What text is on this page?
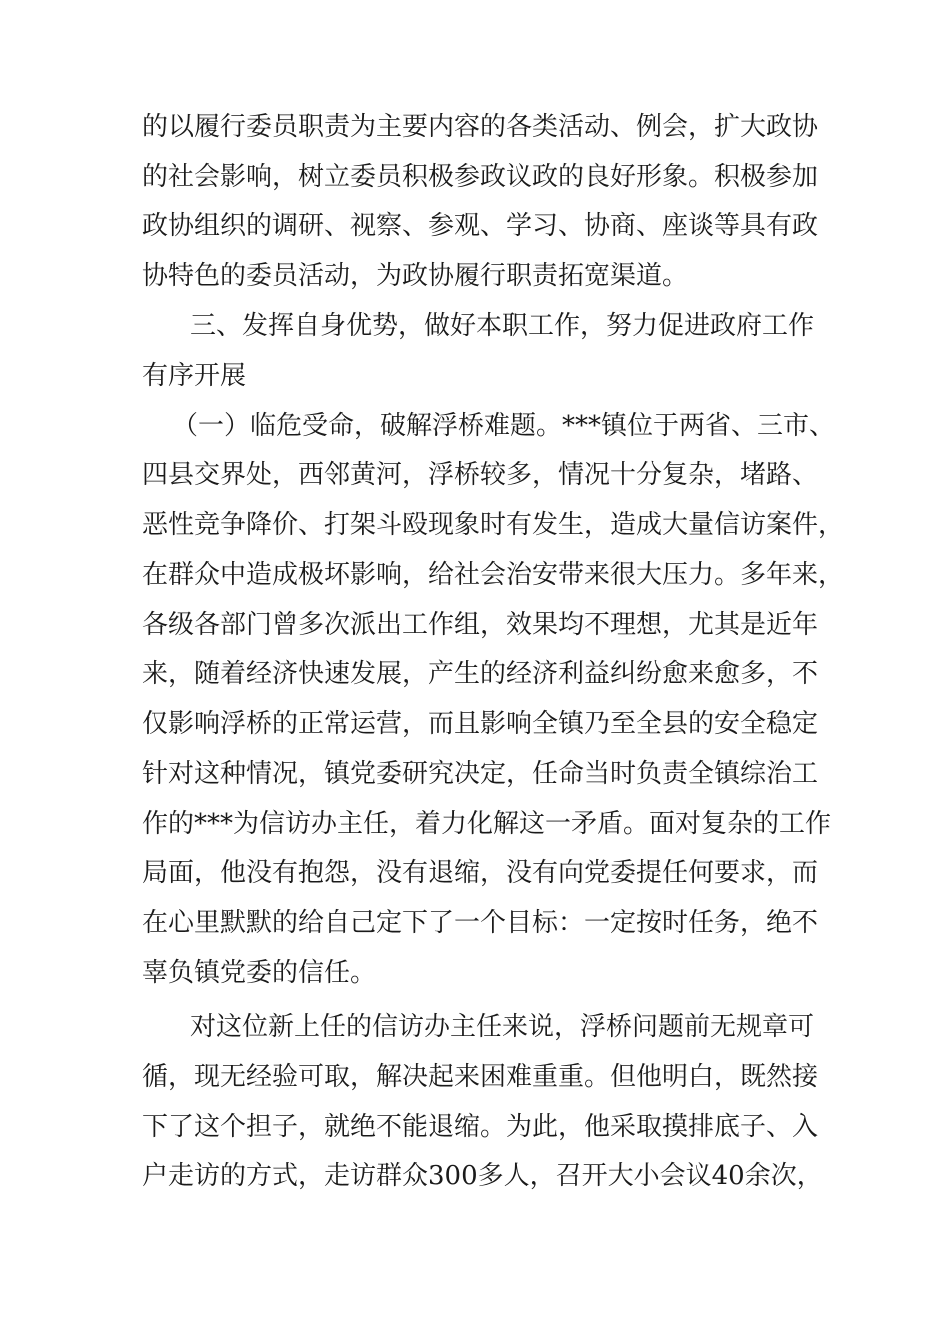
的以履行委员职责为主要内容的各类活动、例会，扩大政协
的社会影响，树立委员积极参政议政的良好形象。积极参加
政协组织的调研、视察、参观、学习、协商、座谈等具有政
协特色的委员活动，为政协履行职责拓宽渠道。
三、发挥自身优势，做好本职工作，努力促进政府工作
有序开展
（一）临危受命，破解浮桥难题。***镇位于两省、三市、
四县交界处，西邻黄河，浮桥较多，情况十分复杂，堵路、
恶性竞争降价、打架斗殴现象时有发生，造成大量信访案件，
在群众中造成极坏影响，给社会治安带来很大压力。多年来，
各级各部门曾多次派出工作组，效果均不理想，尤其是近年
来，随着经济快速发展，产生的经济利益纠纷愈来愈多，不
仅影响浮桥的正常运营，而且影响全镇乃至全县的安全稳定
针对这种情况，镇党委研究决定，任命当时负责全镇综治工
作的***为信访办主任，着力化解这一矛盾。面对复杂的工作
局面，他没有抱怨，没有退缩，没有向党委提任何要求，而
在心里默默的给自己定下了一个目标：一定按时任务，绝不
辜负镇党委的信任。
对这位新上任的信访办主任来说，浮桥问题前无规章可
循，现无经验可取，解决起来困难重重。但他明白，既然接
下了这个担子，就绝不能退缩。为此，他采取摸排底子、入
户走访的方式，走访群众300多人，召开大小会议40余次，
